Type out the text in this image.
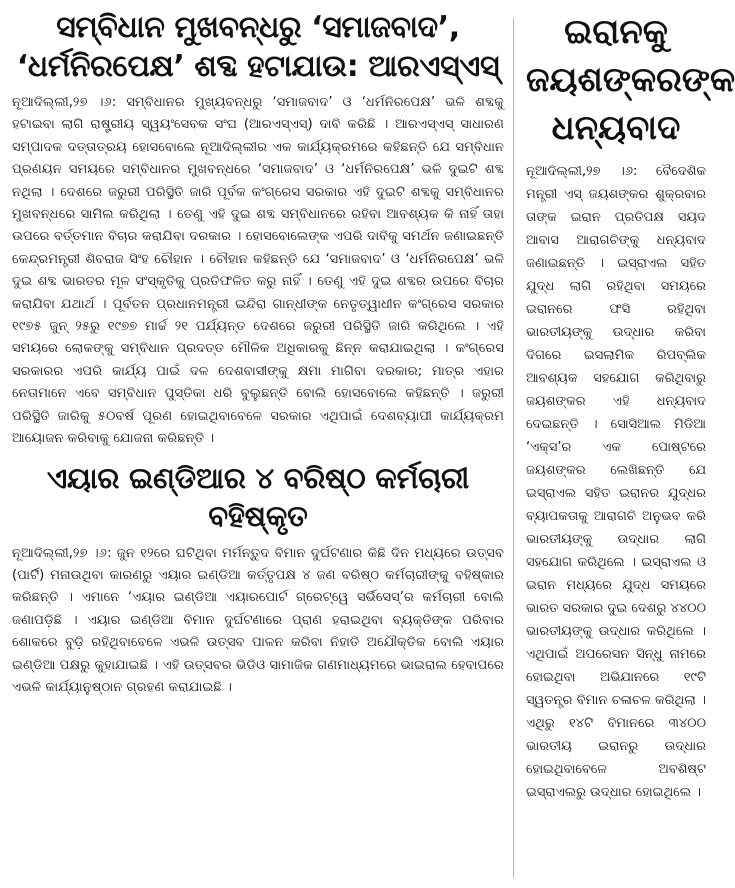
ସମ୍ବିଧାନ ମୁଖବନ୍ଧରୁ ‘ସମାଜବାଦ’,
‘ଧର୍ମନିରପେକ୍ଷ’ ଶବ୍ଦ ହଟାଯାଉ: ଆରଏସ୍ଏସ୍

ନୂଆଦିଲ୍ଲୀ,୨୭ ।୬: ସମ୍ବିଧାନର ମୁଖ୍ୟବନ୍ଧରୁ ‘ସମାଜବାଦ’ ଓ ‘ଧର୍ମନିରପେକ୍ଷ’ ଭଳି ଶବ୍ଦକୁ ହଟାଇବା ଲାଗି ରାଷ୍ଟ୍ରୀୟ ସ୍ୱୟଂସେବକ ସଂଘ (ଆରଏସ୍ଏସ୍) ଦାବି କରିଛି । ଆରଏସ୍ଏସ୍ ସାଧାରଣ ସମ୍ପାଦକ ଦତ୍ତାତ୍ରୟ ହୋସବୋଲେ ନୂଆଦିଲ୍ଲୀର ଏକ କାର୍ଯ୍ୟକ୍ରମରେ କହିଛନ୍ତି ଯେ ସମ୍ବିଧାନ ପ୍ରଣୟନ ସମୟରେ ସମ୍ବିଧାନର ମୁଖବନ୍ଧରେ ‘ସମାଜବାଦ’ ଓ ‘ଧର୍ମନିରପେକ୍ଷ’ ଭଳି ଦୁଇଟି ଶବ୍ଦ ନଥିଲା । ଦେଶରେ ଜରୁରୀ ପରିସ୍ଥିତି ଜାରି ପୂର୍ବକ କଂଗ୍ରେସ ସରକାର ଏହି ଦୁଇଟି ଶବ୍ଦକୁ ସମ୍ବିଧାନର ମୁଖବନ୍ଧରେ ସାମିଲ କରିଥିଲା । ତେଣୁ ଏହି ଦୁଇ ଶବ୍ଦ ସମ୍ବିଧାନରେ ରହିବା ଆବଶ୍ୟକ କି ନାହିଁ ତାହା ଉପରେ ବର୍ତ୍ତମାନ ବିଚାର କରାଯିବା ଦରକାର । ହୋସବୋଲେଙ୍କ ଏପରି ଦାବିକୁ ସମର୍ଥନ ଜଣାଇଛନ୍ତି କେନ୍ଦ୍ରମନ୍ତ୍ରୀ ଶିବରାଜ ସିଂହ ଚୌହାନ । ଚୌହାନ କହିଛନ୍ତି ଯେ ‘ସମାଜବାଦ’ ଓ ‘ଧର୍ମନିରପେକ୍ଷ’ ଭଳି ଦୁଇ ଶବ୍ଦ ଭାରତର ମୂଳ ସଂସ୍କୃତିକୁ ପ୍ରତିଫଳିତ କରୁ ନାହିଁ । ତେଣୁ ଏହି ଦୁଇ ଶବ୍ଦର ଉପରେ ବିଚାର କରାଯିବା ଯଥାର୍ଥ । ପୂର୍ବତନ ପ୍ରଧାନମନ୍ତ୍ରୀ ଇନ୍ଦିରା ଗାନ୍ଧୀଙ୍କ ନେତୃତ୍ୱାଧୀନ କଂଗ୍ରେସ ସରକାର ୧୯୭୫ ଜୁନ୍ ୨୫ରୁ ୧୯୭୭ ମାର୍ଚ୍ଚ ୨୧ ପର୍ଯ୍ୟନ୍ତ ଦେଶରେ ଜରୁରୀ ପରିସ୍ଥିତି ଜାରି କରିଥିଲେ । ଏହି ସମୟରେ ଲୋକଙ୍କୁ ସମ୍ବିଧାନ ପ୍ରଦତ୍ତ ମୌଳିକ ଅଧିକାରକୁ ଛିନ୍ନ କରାଯାଇଥିଲା । କଂଗ୍ରେସ ସରକାରର ଏପରି କାର୍ଯ୍ୟ ପାଇଁ ଦଳ ଦେଶବାସୀଙ୍କୁ କ୍ଷମା ମାଗିବା ଦରକାର; ମାତ୍ର ଏହାର ନେତାମାନେ ଏବେ ସମ୍ବିଧାନ ପୁସ୍ତିକା ଧରି ବୁଲୁଛନ୍ତି ବୋଲି ହୋସବୋଲେ କହିଛନ୍ତି । ଜରୁରୀ ପରିସ୍ଥିତି ଜାରିକୁ ୫୦ବର୍ଷ ପୂରଣ ହୋଇଥିବାବେଳେ ସରକାର ଏଥିପାଇଁ ଦେଶବ୍ୟାପୀ କାର୍ଯ୍ୟକ୍ରମ ଆୟୋଜନ କରିବାକୁ ଯୋଜନା କରିଛନ୍ତି ।

ଏୟାର ଇଣ୍ଡିଆର ୪ ବରିଷ୍ଠ କର୍ମଚାରୀ ବହିଷ୍କୃତ

ନୂଆଦିଲ୍ଲୀ,୨୭ ।୬: ଜୁନ ୧୨ରେ ଘଟିଥିବା ମର୍ମନ୍ତୁଦ ବିମାନ ଦୁର୍ଘଟଣାର କିଛି ଦିନ ମଧ୍ୟରେ ଉତ୍ସବ (ପାର୍ଟି) ମନାଉଥିବା କାରଣରୁ ଏୟାର ଇଣ୍ଡିଆ କର୍ତ୍ତୃପକ୍ଷ ୪ ଜଣ ବରିଷ୍ଠ କର୍ମଚାରୀଙ୍କୁ ବହିଷ୍କାର କରିଛନ୍ତି । ଏମାନେ ‘ଏୟାର ଇଣ୍ଡିଆ ଏୟାରପୋର୍ଟ ଗ୍ରେଟ୍ୱେ ସର୍ଭିସେସ୍’ର କର୍ମଚାରୀ ବୋଲି ଜଣାପଡ଼ିଛି । ଏୟାର ଇଣ୍ଡିଆ ବିମାନ ଦୁର୍ଘଟଣାରେ ପ୍ରାଣ ହରାଇଥିବା ବ୍ୟକ୍ତିଙ୍କ ପରିବାର ଶୋକରେ ବୁଡ଼ି ରହିଥିବାବେଳେ ଏଭଳି ଉତ୍ସବ ପାଳନ କରିବା ନିହାତି ଅଯୌକ୍ତିକ ବୋଲି ଏୟାର ଇଣ୍ଡିଆ ପକ୍ଷରୁ କୁହାଯାଇଛି । ଏହି ଉତ୍ସବର ଭିଡିଓ ସାମାଜିକ ଗଣମାଧ୍ୟମରେ ଭାଇରାଲ ହେବାପରେ ଏଭଳି କାର୍ଯ୍ୟାନୁଷ୍ଠାନ ଗ୍ରହଣ କରାଯାଇଛି ।

ଇରାନକୁ
ଜୟଶଙ୍କରଙ୍କ
ଧନ୍ୟବାଦ

ନୂଆଦିଲ୍ଲୀ,୨୭ ।୬: ବୈଦେଶିକ ମନ୍ତ୍ରୀ ଏସ୍ ଜୟଶଙ୍କର ଶୁକ୍ରବାର ତାଙ୍କ ଇରାନ ପ୍ରତିପକ୍ଷ ସୟଦ ଆବାସ ଆରାଗଚିଙ୍କୁ ଧନ୍ୟବାଦ ଜଣାଇଛନ୍ତି । ଇସ୍ରାଏଲ ସହିତ ଯୁଦ୍ଧ ଲାଗି ରହିଥିବା ସମୟରେ ଇରାନରେ ଫସି ରହିଥିବା ଭାରତୀୟଙ୍କୁ ଉଦ୍ଧାର କରିବା ଦିଗରେ ଇସଲାମିକ ରିପବ୍ଲିକ ଆବଶ୍ୟକ ସହଯୋଗ କରିଥିବାରୁ ଜୟଶଙ୍କର ଏହି ଧନ୍ୟବାଦ ଦେଇଛନ୍ତି । ସୋସିଆଲ ମିଡିଆ ‘ଏକ୍ସ’ର ଏକ ପୋଷ୍ଟରେ ଜୟଶଙ୍କର ଲେଖିଛନ୍ତି ଯେ ଇସ୍ରାଏଲ ସହିତ ଇରାନର ଯୁଦ୍ଧର ବ୍ୟାପକତାକୁ ଆରାଗଚି ଅନୁଭବ କରି ଭାରତୀୟଙ୍କୁ ଉଦ୍ଧାର ଲାଗି ସହଯୋଗ କରିଥିଲେ । ଇସ୍ରାଏଲ ଓ ଇରାନ ମଧ୍ୟରେ ଯୁଦ୍ଧ ସମୟରେ ଭାରତ ସରକାର ଦୁଇ ଦେଶରୁ ୪୪୦୦ ଭାରତୀୟଙ୍କୁ ଉଦ୍ଧାର କରିଥିଲେ । ଏଥିପାଇଁ ଅପରେସନ ସିନ୍ଧୁ ନାମରେ ହୋଇଥିବା ଅଭିଯାନରେ ୧୯ଟି ସ୍ୱତନ୍ତ୍ର ବିମାନ ଚଳାଚଳ କରିଥିଲା । ଏଥିରୁ ୧୪ଟି ବିମାନରେ ୩୪୦୦ ଭାରତୀୟ ଇରାନରୁ ଉଦ୍ଧାର ହୋଇଥିବାବେଳେ ଅବଶିଷ୍ଟ ଇସ୍ରାଏଲରୁ ଉଦ୍ଧାର ହୋଇଥିଲେ ।
